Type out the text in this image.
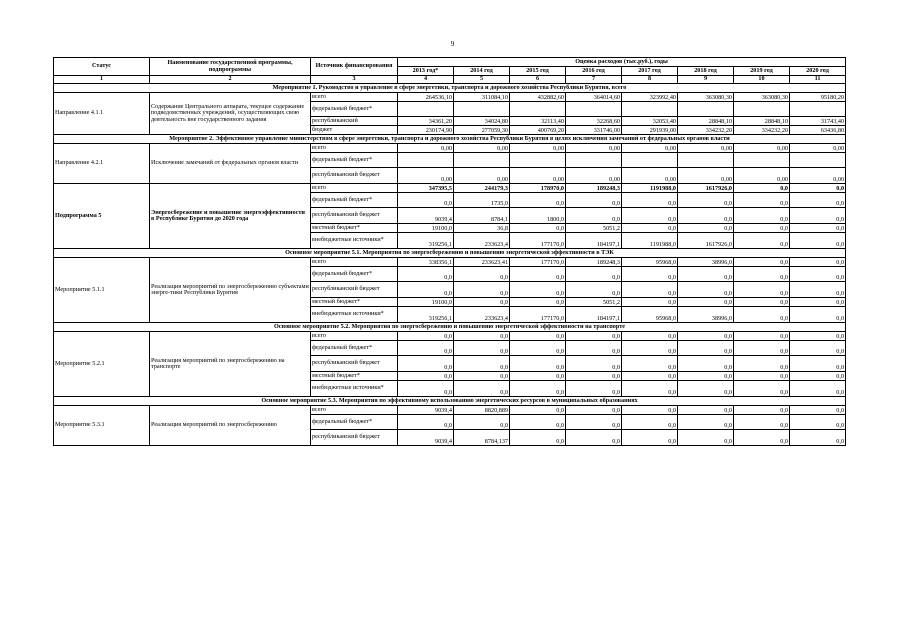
9
Статус	Наименование государственной программы, подпрограммы	Источник финансирования	Оценка расходов (тыс.руб.), годы							
			2013 год*	2014 год	2015 год	2016 год	2017 год	2018 год	2019 год	2020 год
1	2	3	4	5	6	7	8	9	10	11
Мероприятие 1. Руководство и управление в сфере энергетики, транспорта и дорожного хозяйства Республики Бурятия, всего										
Направление 4.1.1	Содержание Центрального аппарата, текущее содержание подведомственных учреждений, осуществляющих свою деятельность вне государственного задания	всего	264536,10	311084,10	432882,60	364014,60	323992,40	363080,30	363080,30	95180,20
		федеральный бюджет*								
		республиканский	34361,20	34024,80	32113,40	32268,60	32053,40	28848,10	28848,10	31743,40
		бюджет	230174,90	277059,30	400769,20	331746,00	291939,00	334232,20	334232,20	63436,80
Мероприятие 2. Эффективное управление министерством в сфере энергетики, транспорта и дорожного хозяйства Республики Бурятия в целях исключения замечаний от федеральных органов власти										
Направление 4.2.1	Исключение замечаний от федеральных органов власти	всего	0,00	0,00	0,00	0,00	0,00	0,00	0,00	0,00
		федеральный бюджет*								
		республиканский бюджет	0,00	0,00	0,00	0,00	0,00	0,00	0,00	0,00
Подпрограмма 5	Энергосбережение и повышение энергоэффективности в Республике Бурятия до 2020 года	всего	347395,5	244179,3	178970,0	189248,3	1191988,0	1617926,0	0,0	0,0
		федеральный бюджет*	0,0	1735,0	0,0	0,0	0,0	0,0	0,0	0,0
		республиканский бюджет	9039,4	8784,1	1800,0	0,0	0,0	0,0	0,0	0,0
		местный бюджет*	19100,0	36,8	0,0	5051,2	0,0	0,0	0,0	0,0
		внебюджетные источники*	319256,1	233623,4	177170,0	184197,1	1191988,0	1617926,0	0,0	0,0
Основное мероприятие 5.1. Мероприятия по энергосбережению и повышению энергетической эффективности в ТЭК										
Мероприятие 5.1.1	Реализация мероприятий по энергосбережению субъектами энерге-тики Республики Бурятия	всего	338356,1	233623,41	177170,0	189248,3	95968,0	38996,0	0,0	0,0
		федеральный бюджет*	0,0	0,0	0,0	0,0	0,0	0,0	0,0	0,0
		республиканский бюджет	0,0	0,0	0,0	0,0	0,0	0,0	0,0	0,0
		местный бюджет*	19100,0	0,0	0,0	5051,2	0,0	0,0	0,0	0,0
		внебюджетные источники*	319256,1	233623,4	177170,0	184197,1	95968,0	38996,0	0,0	0,0
Основное мероприятие 5.2. Мероприятия по энергосбережению и повышению энергетической эффективности на транспорте										
Мероприятие 5.2.1	Реализация мероприятий по энергосбережению на транспорте	всего	0,0	0,0	0,0	0,0	0,0	0,0	0,0	0,0
		федеральный бюджет*	0,0	0,0	0,0	0,0	0,0	0,0	0,0	0,0
		республиканский бюджет	0,0	0,0	0,0	0,0	0,0	0,0	0,0	0,0
		местный бюджет*	0,0	0,0	0,0	0,0	0,0	0,0	0,0	0,0
		внебюджетные источники*	0,0	0,0	0,0	0,0	0,0	0,0	0,0	0,0
Основное мероприятие 5.3. Мероприятия по эффективному использованию энергетических ресурсов в муниципальных образованиях										
Мероприятие 5.3.1	Реализация мероприятий по энергосбережению	всего	9039,4	8820,889	0,0	0,0	0,0	0,0	0,0	0,0
		федеральный бюджет*	0,0	0,0	0,0	0,0	0,0	0,0	0,0	0,0
		республиканский бюджет	9039,4	8784,137	0,0	0,0	0,0	0,0	0,0	0,0
